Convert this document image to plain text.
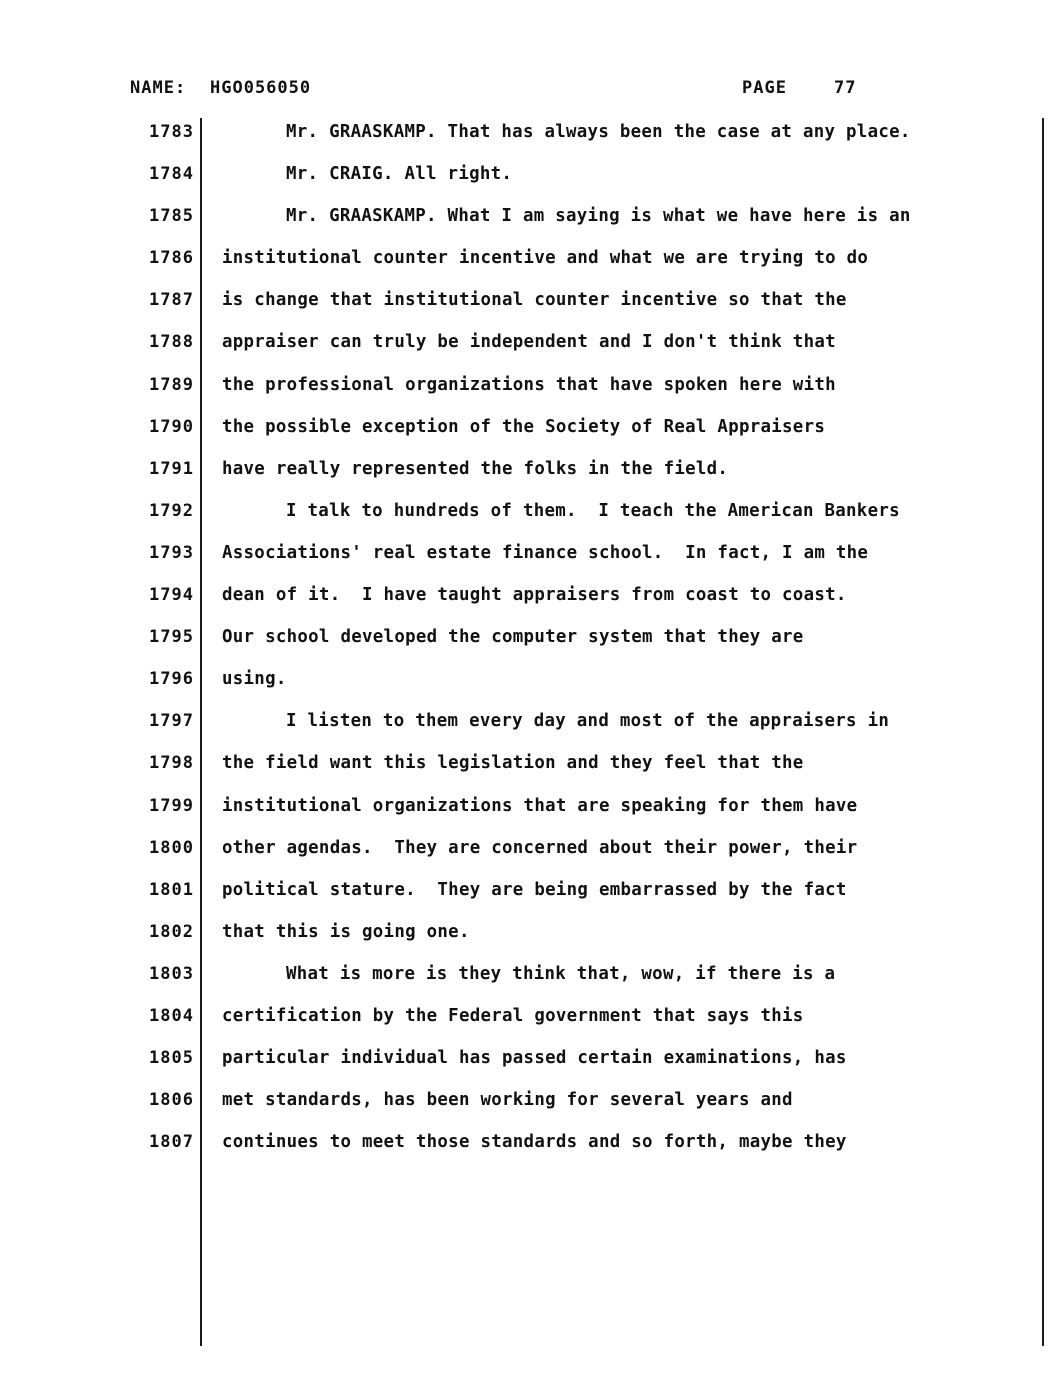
NAME: HGO056050	PAGE	77
1783	Mr. GRAASKAMP. That has always been the case at any place.
1784	Mr. CRAIG. All right.
1785	Mr. GRAASKAMP. What I am saying is what we have here is an
1786 institutional counter incentive and what we are trying to do
1787 is change that institutional counter incentive so that the
1788 appraiser can truly be independent and I don't think that
1789 the professional organizations that have spoken here with
1790 the possible exception of the Society of Real Appraisers
1791 have really represented the folks in the field.
1792	I talk to hundreds of them.  I teach the American Bankers
1793 Associations' real estate finance school.  In fact, I am the
1794 dean of it.  I have taught appraisers from coast to coast.
1795 Our school developed the computer system that they are
1796 using.
1797	I listen to them every day and most of the appraisers in
1798 the field want this legislation and they feel that the
1799 institutional organizations that are speaking for them have
1800 other agendas.  They are concerned about their power, their
1801 political stature.  They are being embarrassed by the fact
1802 that this is going one.
1803	What is more is they think that, wow, if there is a
1804 certification by the Federal government that says this
1805 particular individual has passed certain examinations, has
1806 met standards, has been working for several years and
1807 continues to meet those standards and so forth, maybe they
